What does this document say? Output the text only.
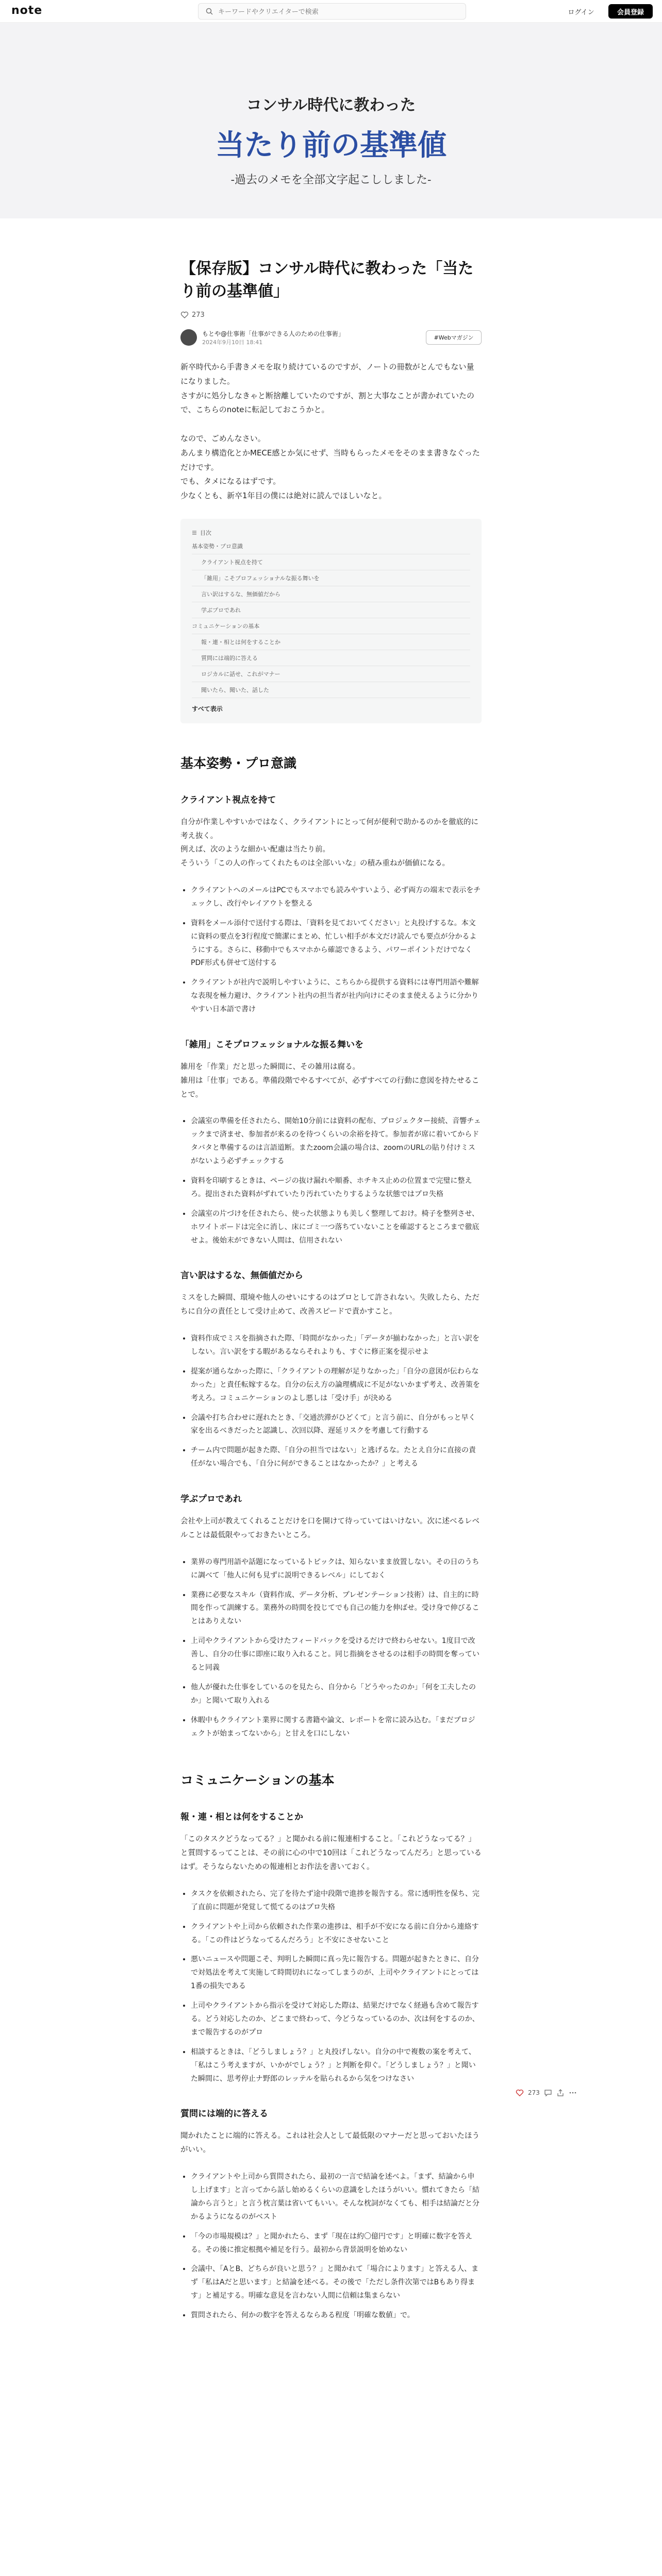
note
キーワードやクリエイターで検索	ログイン	会員登録
コンサル時代に教わった
当たり前の基準値
-過去のメモを全部文字起こししました-
【保存版】コンサル時代に教わった「当たり前の基準値」
273
もとや@仕事術「仕事ができる人のための仕事術」
2024年9月10日 18:41
#Webマガジン

新卒時代から手書きメモを取り続けているのですが、ノートの冊数がとんでもない量になりました。

さすがに処分しなきゃと断捨離していたのですが、割と大事なことが書かれていたので、こちらのnoteに転記しておこうかと。

なので、ごめんなさい。

あんまり構造化とかMECE感とか気にせず、当時もらったメモをそのまま書きなぐっただけです。

でも、タメになるはずです。

少なくとも、新卒1年目の僕には絶対に読んでほしいなと。

目次
基本姿勢・プロ意識
クライアント視点を持て
「雑用」こそプロフェッショナルな振る舞いを
言い訳はするな、無価値だから
学ぶプロであれ
コミュニケーションの基本
報・連・相とは何をすることか
質問には端的に答える
ロジカルに話せ、これがマナー
聞いたら、聞いた、話した
すべて表示
基本姿勢・プロ意識
クライアント視点を持て
自分が作業しやすいかではなく、クライアントにとって何が便利で助かるのかを徹底的に考え抜く。
例えば、次のような細かい配慮は当たり前。
そういう「この人の作ってくれたものは全部いいな」の積み重ねが価値になる。
• クライアントへのメールはPCでもスマホでも読みやすいよう、必ず両方の端末で表示をチェックし、改行やレイアウトを整える
• 資料をメール添付で送付する際は、「資料を見ておいてください」と丸投げするな。本文に資料の要点を3行程度で簡潔にまとめ、忙しい相手が本文だけ読んでも要点が分かるようにする。さらに、移動中でもスマホから確認できるよう、パワーポイントだけでなくPDF形式も併せて送付する
• クライアントが社内で説明しやすいように、こちらから提供する資料には専門用語や難解な表現を極力避け、クライアント社内の担当者が社内向けにそのまま使えるように分かりやすい日本語で書け
「雑用」こそプロフェッショナルな振る舞いを
雑用を「作業」だと思った瞬間に、その雑用は腐る。
雑用は「仕事」である。準備段階でやるすべてが、必ずすべての行動に意図を持たせることで。
• 会議室の準備を任されたら、開始10分前には資料の配布、プロジェクター接続、音響チェックまで済ませ、参加者が来るのを待つくらいの余裕を持て。参加者が席に着いてからドタバタと準備するのは言語道断。またzoom会議の場合は、zoomのURLの貼り付けミスがないよう必ずチェックする
• 資料を印刷するときは、ページの抜け漏れや順番、ホチキス止めの位置まで完璧に整えろ。提出された資料がずれていたり汚れていたりするような状態ではプロ失格
• 会議室の片づけを任されたら、使った状態よりも美しく整理しておけ。椅子を整列させ、ホワイトボードは完全に消し、床にゴミ一つ落ちていないことを確認するところまで徹底せよ。後始末ができない人間は、信用されない
言い訳はするな、無価値だから
ミスをした瞬間、環境や他人のせいにするのはプロとして許されない。失敗したら、ただちに自分の責任として受け止めて、改善スピードで責かすこと。
• 資料作成でミスを指摘された際、「時間がなかった」「データが揃わなかった」と言い訳をしない。言い訳をする暇があるならそれよりも、すぐに修正案を提示せよ
• 提案が通らなかった際に、「クライアントの理解が足りなかった」「自分の意図が伝わらなかった」と責任転嫁するな。自分の伝え方の論理構成に不足がないかまず考え、改善策を考えろ。コミュニケーションのよし悪しは「受け手」が決める
• 会議や打ち合わせに遅れたとき、「交通渋滞がひどくて」と言う前に、自分がもっと早く家を出るべきだったと認識し、次回以降、遅延リスクを考慮して行動する
• チーム内で問題が起きた際、「自分の担当ではない」と逃げるな。たとえ自分に直接の責任がない場合でも、「自分に何ができることはなかったか？」と考える
学ぶプロであれ
会社や上司が教えてくれることだけを口を開けて待っていてはいけない。次に述べるレベルことは最低限やっておきたいところ。
• 業界の専門用語や話題になっているトピックは、知らないまま放置しない。その日のうちに調べて「他人に何も見ずに説明できるレベル」にしておく
• 業務に必要なスキル（資料作成、データ分析、プレゼンテーション技術）は、自主的に時間を作って訓練する。業務外の時間を投じてでも自己の能力を伸ばせ。受け身で伸びることはありえない
• 上司やクライアントから受けたフィードバックを受けるだけで終わらせない。1度目で改善し、自分の仕事に即座に取り入れること。同じ指摘をさせるのは相手の時間を奪っていると同義
• 他人が優れた仕事をしているのを見たら、自分から「どうやったのか」「何を工夫したのか」と聞いて取り入れる
• 休暇中もクライアント業界に関する書籍や論文、レポートを常に読み込む。「まだプロジェクトが始まってないから」と甘えを口にしない
コミュニケーションの基本
報・連・相とは何をすることか
「このタスクどうなってる？」と聞かれる前に報連相すること。「これどうなってる？」と質問するってことは、その前に心の中で10回は「これどうなってんだろ」と思っているはず。そうならないための報連相とお作法を書いておく。
• タスクを依頼されたら、完了を待たず途中段階で進捗を報告する。常に透明性を保ち、完了直前に問題が発覚して慌てるのはプロ失格
• クライアントや上司から依頼された作業の進捗は、相手が不安になる前に自分から連絡する。「この件はどうなってるんだろう」と不安にさせないこと
• 悪いニュースや問題こそ、判明した瞬間に真っ先に報告する。問題が起きたときに、自分で対処法を考えて実施して時間切れになってしまうのが、上司やクライアントにとっては1番の損失である
• 上司やクライアントから指示を受けて対応した際は、結果だけでなく経過も含めて報告する。どう対応したのか、どこまで終わって、今どうなっているのか、次は何をするのか、まで報告するのがプロ
• 相談するときは、「どうしましょう？」と丸投げしない。自分の中で複数の案を考えて、「私はこう考えますが、いかがでしょう？」と判断を仰ぐ。「どうしましょう？」と聞いた瞬間に、思考停止ナ野郎のレッテルを貼られるから気をつけなさい
質問には端的に答える
聞かれたことに端的に答える。これは社会人として最低限のマナーだと思っておいたほうがいい。
• クライアントや上司から質問されたら、最初の一言で結論を述べよ。「まず、結論から申し上げます」と言ってから話し始めるくらいの意識をしたほうがいい。慣れてきたら「結論から言うと」と言う枕言葉は省いてもいい。そんな枕詞がなくても、相手は結論だと分かるようになるのがベスト
• 「今の市場規模は？」と聞かれたら、まず「現在は約〇億円です」と明確に数字を答える。その後に推定根拠や補足を行う。最初から背景説明を始めない
• 会議中、「AとB、どちらが良いと思う？」と聞かれて「場合によります」と答える人、まず「私はAだと思います」と結論を述べる。その後で「ただし条件次第ではBもあり得ます」と補足する。明確な意見を言わない人間に信頼は集まらない
• 質問されたら、何かの数字を答えるならある程度「明確な数値」で。
273
